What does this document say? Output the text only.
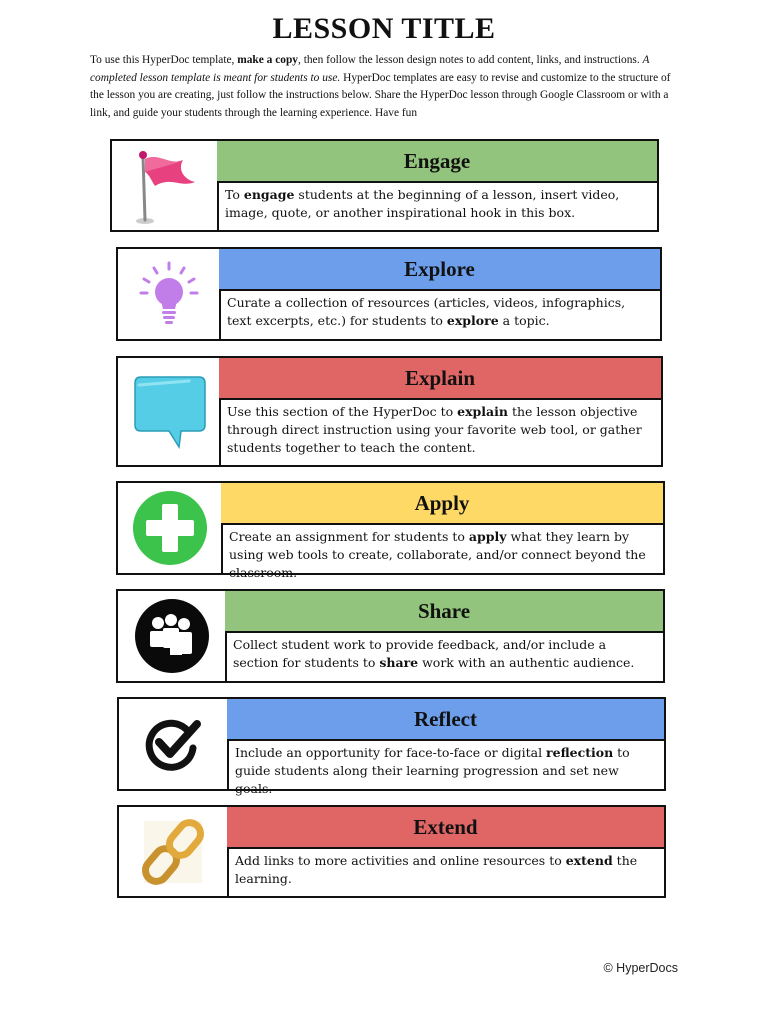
LESSON TITLE
To use this HyperDoc template, make a copy, then follow the lesson design notes to add content, links, and instructions. A completed lesson template is meant for students to use. HyperDoc templates are easy to revise and customize to the structure of the lesson you are creating, just follow the instructions below. Share the HyperDoc lesson through Google Classroom or with a link, and guide your students through the learning experience. Have fun
Engage
To engage students at the beginning of a lesson, insert video, image, quote, or another inspirational hook in this box.
Explore
Curate a collection of resources (articles, videos, infographics, text excerpts, etc.) for students to explore a topic.
Explain
Use this section of the HyperDoc to explain the lesson objective through direct instruction using your favorite web tool, or gather students together to teach the content.
Apply
Create an assignment for students to apply what they learn by using web tools to create, collaborate, and/or connect beyond the classroom.
Share
Collect student work to provide feedback, and/or include a section for students to share work with an authentic audience.
Reflect
Include an opportunity for face-to-face or digital reflection to guide students along their learning progression and set new goals.
Extend
Add links to more activities and online resources to extend the learning.
© HyperDocs
